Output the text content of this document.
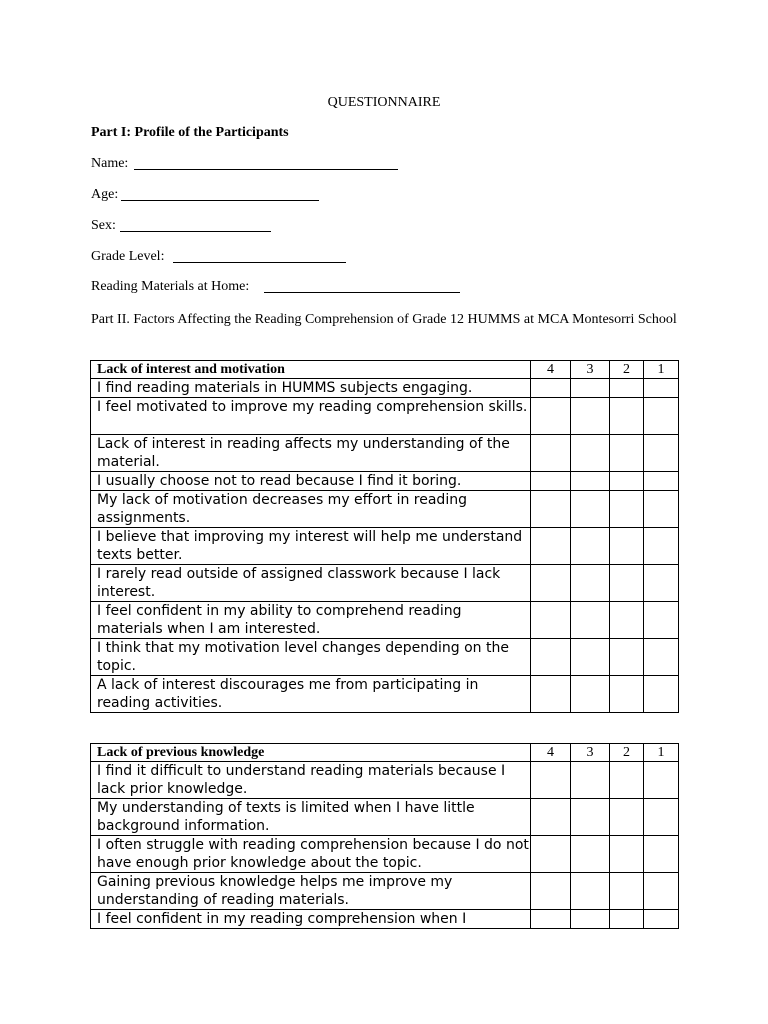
QUESTIONNAIRE
Part I: Profile of the Participants
Name:
Age:
Sex:
Grade Level:
Reading Materials at Home:
Part II. Factors Affecting the Reading Comprehension of Grade 12 HUMMS at MCA Montesorri School
Lack of interest and motivation	4	3	2	1
I find reading materials in HUMMS subjects engaging.				
I feel motivated to improve my reading comprehension skills.				
Lack of interest in reading affects my understanding of the material.				
I usually choose not to read because I find it boring.				
My lack of motivation decreases my effort in reading assignments.				
I believe that improving my interest will help me understand texts better.				
I rarely read outside of assigned classwork because I lack interest.				
I feel confident in my ability to comprehend reading materials when I am interested.				
I think that my motivation level changes depending on the topic.				
A lack of interest discourages me from participating in reading activities.				
Lack of previous knowledge	4	3	2	1
I find it difficult to understand reading materials because I lack prior knowledge.				
My understanding of texts is limited when I have little background information.				
I often struggle with reading comprehension because I do not have enough prior knowledge about the topic.				
Gaining previous knowledge helps me improve my understanding of reading materials.				
I feel confident in my reading comprehension when I				
